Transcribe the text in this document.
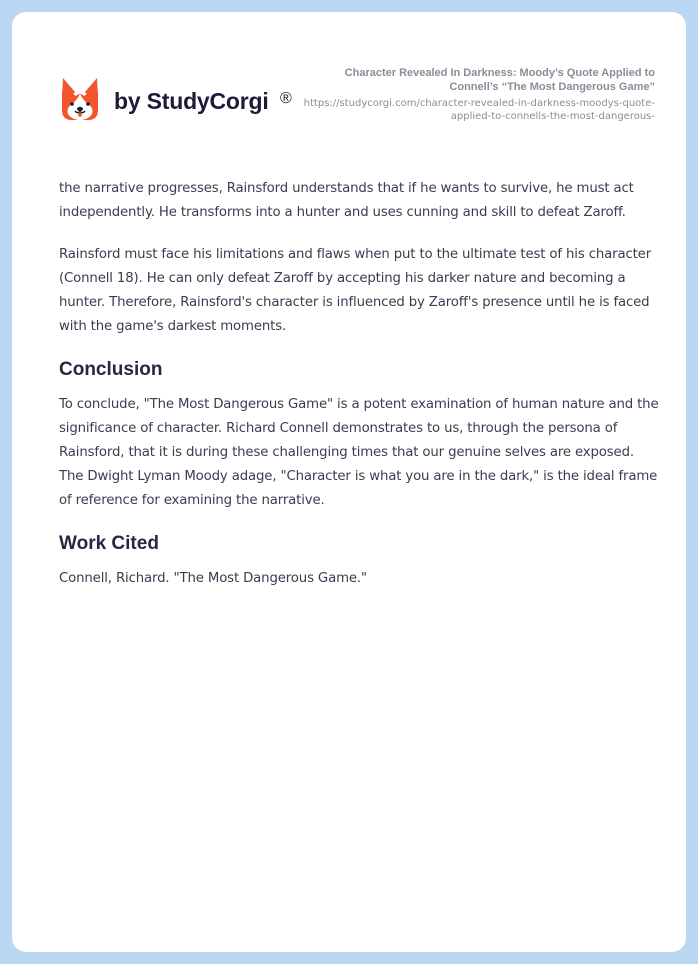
by StudyCorgi ®
Character Revealed In Darkness: Moody’s Quote Applied to Connell’s “The Most Dangerous Game”
https://studycorgi.com/character-revealed-in-darkness-moodys-quote-applied-to-connells-the-most-dangerous-

the narrative progresses, Rainsford understands that if he wants to survive, he must act independently. He transforms into a hunter and uses cunning and skill to defeat Zaroff.

Rainsford must face his limitations and flaws when put to the ultimate test of his character (Connell 18). He can only defeat Zaroff by accepting his darker nature and becoming a hunter. Therefore, Rainsford's character is influenced by Zaroff's presence until he is faced with the game's darkest moments.

Conclusion

To conclude, "The Most Dangerous Game" is a potent examination of human nature and the significance of character. Richard Connell demonstrates to us, through the persona of Rainsford, that it is during these challenging times that our genuine selves are exposed. The Dwight Lyman Moody adage, "Character is what you are in the dark," is the ideal frame of reference for examining the narrative.

Work Cited

Connell, Richard. "The Most Dangerous Game."
